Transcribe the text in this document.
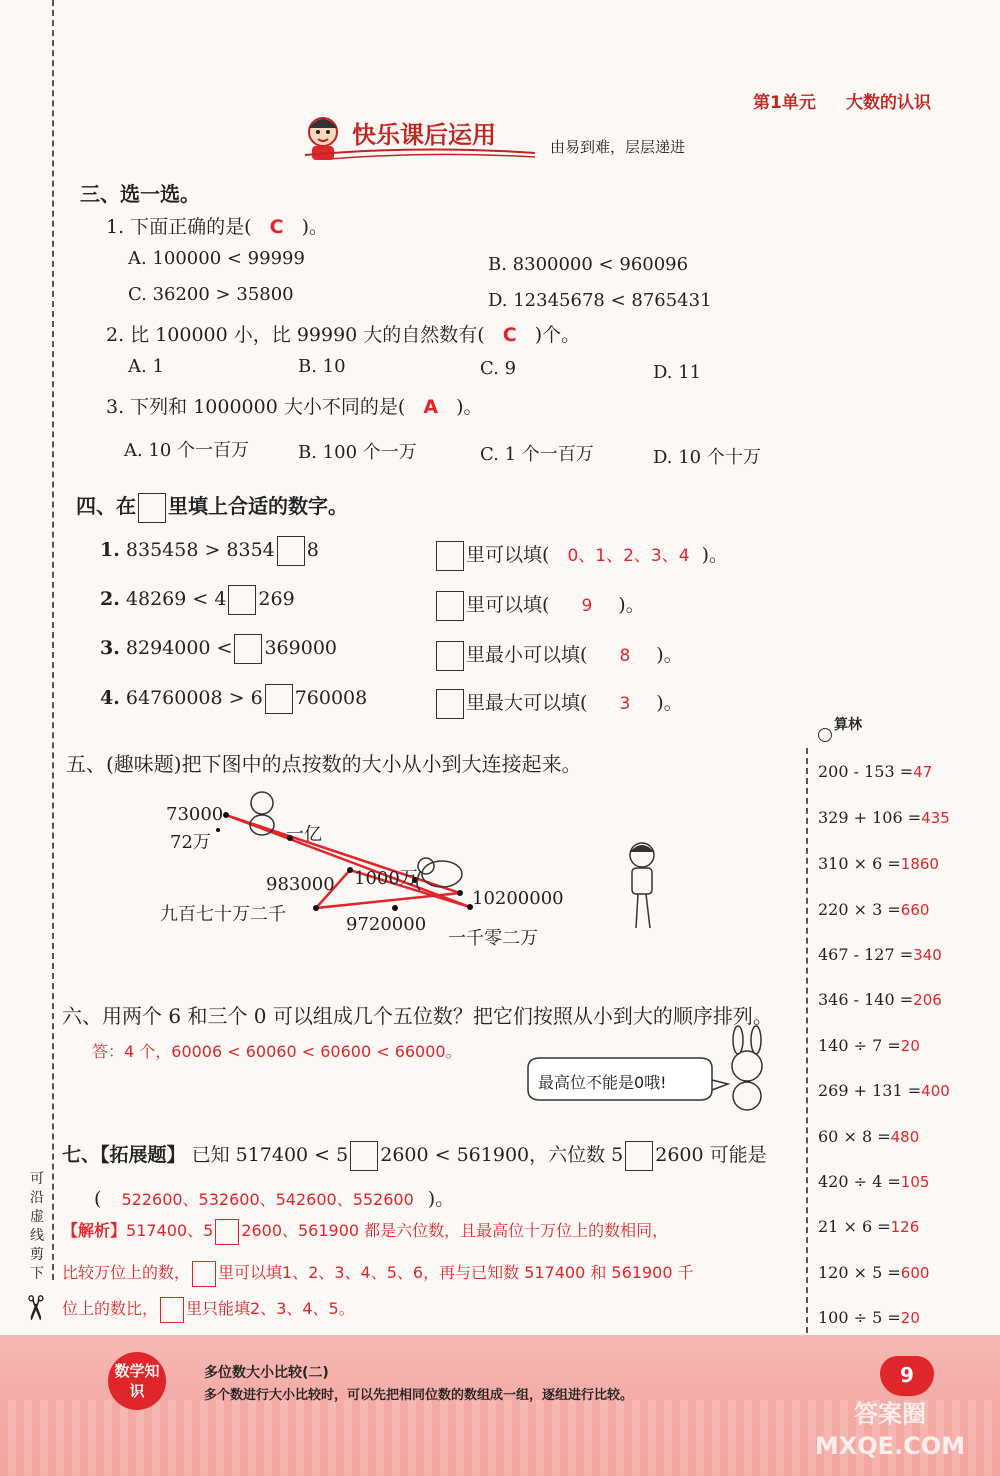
可沿虚线剪下
✂
第1单元 大数的认识
快乐课后运用	由易到难，层层递进
三、选一选。
1. 下面正确的是( C )。
A. 100000 < 99999	B. 8300000 < 960096
C. 36200 > 35800	D. 12345678 < 8765431
2. 比 100000 小，比 99990 大的自然数有( C )个。
A. 1	B. 10	C. 9	D. 11
3. 下列和 1000000 大小不同的是( A )。
A. 10 个一百万	B. 100 个一万	C. 1 个一百万	D. 10 个十万
四、在 里填上合适的数字。
1. 835458 > 8354 8	里可以填( 0、1、2、3、4 )。
2. 48269 < 4 269	里可以填( 9 )。
3. 8294000 < 369000	里最小可以填( 8 )。
4. 64760008 > 6 760008	里最大可以填( 3 )。
五、(趣味题)把下图中的点按数的大小从小到大连接起来。
73000
72万	一亿
983000 1000万
10200000
九百七十万二千	9720000
一千零二万
六、用两个 6 和三个 0 可以组成几个五位数？把它们按照从小到大的顺序排列。
答：4 个，60006 < 60060 < 60600 < 66000。
最高位不能是0哦!
七、【拓展题】 已知 517400 < 5 2600 < 561900，六位数 5 2600 可能是
( 522600、532600、542600、552600 )。
【解析】517400、5 2600、561900 都是六位数，且最高位十万位上的数相同，
比较万位上的数， 里可以填1、2、3、4、5、6，再与已知数 517400 和 561900 千
位上的数比， 里只能填2、3、4、5。
算林
200 - 153 =47
329 + 106 =435
310 × 6 =1860
220 × 3 =660
467 - 127 =340
346 - 140 =206
140 ÷ 7 =20
269 + 131 =400
60 × 8 =480
420 ÷ 4 =105
21 × 6 =126
120 × 5 =600
100 ÷ 5 =20
数学知识
多位数大小比较(二)
多个数进行大小比较时，可以先把相同位数的数组成一组，逐组进行比较。
9
答案圈 MXQE.COM
